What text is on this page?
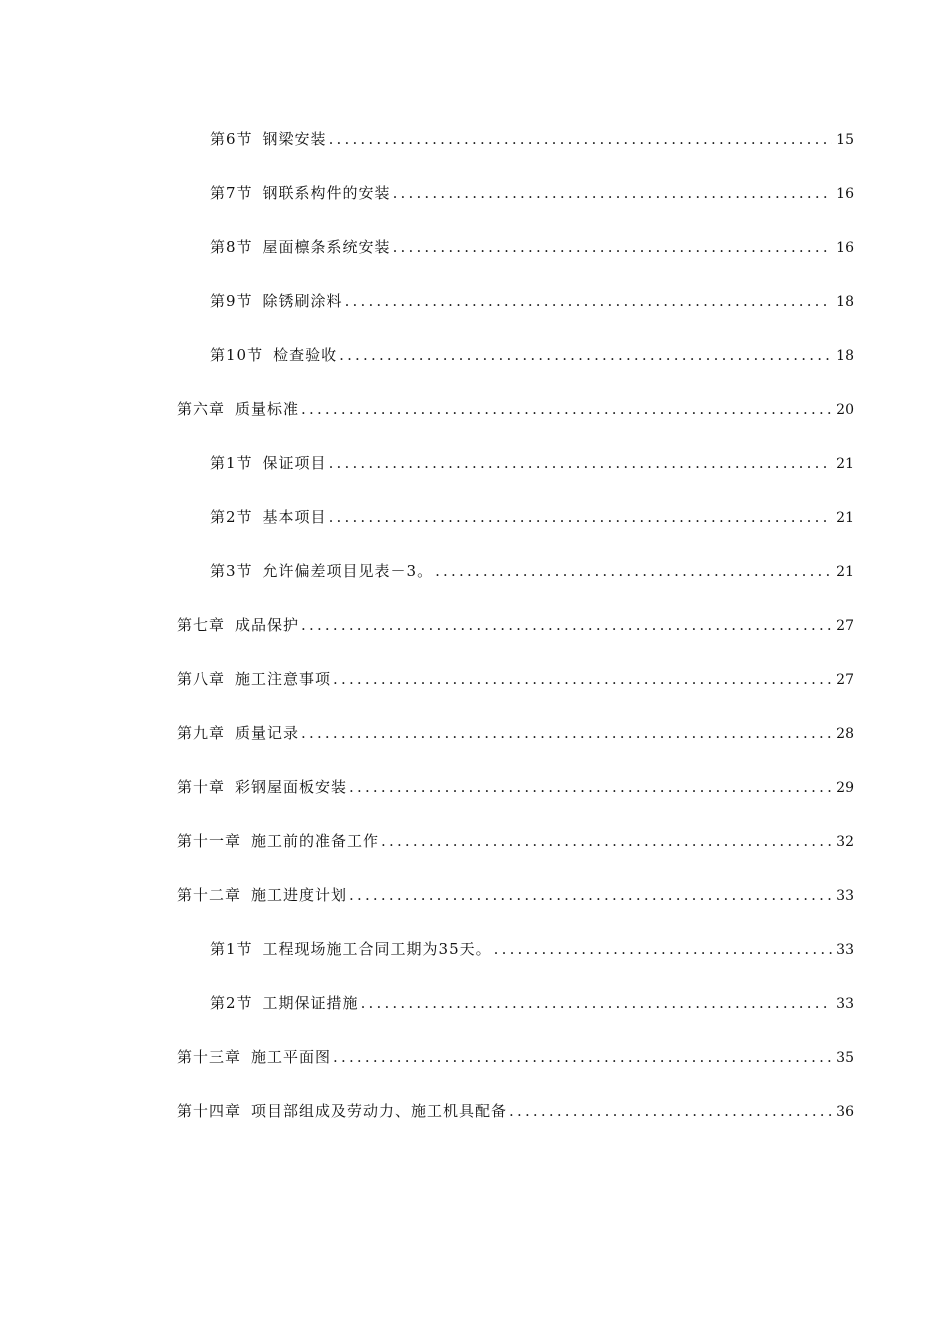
第6节 钢梁安装 .....	15
第7节 钢联系构件的安装 .....	16
第8节 屋面檩条系统安装 .....	16
第9节 除锈刷涂料 .....	18
第10节 检查验收 .....	18
第六章 质量标准 .....	20
第1节 保证项目 .....	21
第2节 基本项目 .....	21
第3节 允许偏差项目见表－3。 .....	21
第七章 成品保护 .....	27
第八章 施工注意事项 .....	27
第九章 质量记录 .....	28
第十章 彩钢屋面板安装 .....	29
第十一章 施工前的准备工作 .....	32
第十二章 施工进度计划 .....	33
第1节 工程现场施工合同工期为35天。 .....	33
第2节 工期保证措施 .....	33
第十三章 施工平面图 .....	35
第十四章 项目部组成及劳动力、施工机具配备 .....	36
